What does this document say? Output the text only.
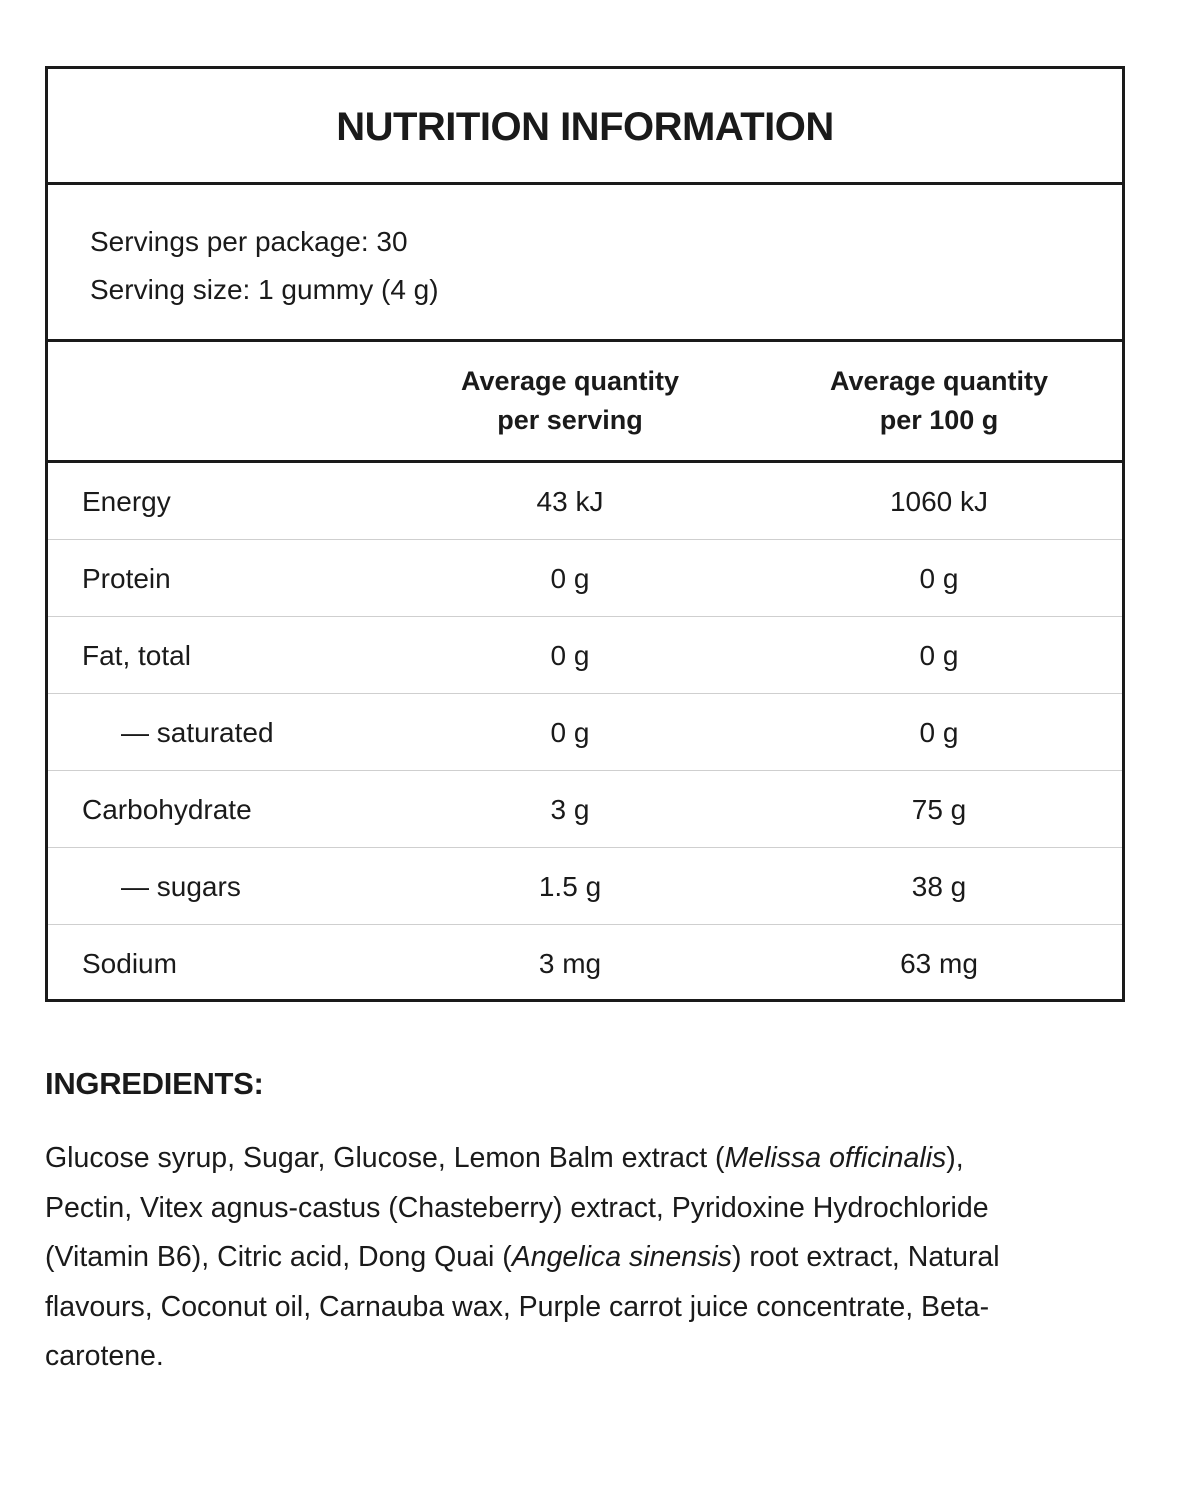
NUTRITION INFORMATION
Servings per package: 30
Serving size: 1 gummy (4 g)
Average quantity
per serving
Average quantity
per 100 g
Energy	43 kJ	1060 kJ
Protein	0 g	0 g
Fat, total	0 g	0 g
— saturated	0 g	0 g
Carbohydrate	3 g	75 g
— sugars	1.5 g	38 g
Sodium	3 mg	63 mg
INGREDIENTS:
Glucose syrup, Sugar, Glucose, Lemon Balm extract (Melissa officinalis),
Pectin, Vitex agnus-castus (Chasteberry) extract, Pyridoxine Hydrochloride
(Vitamin B6), Citric acid, Dong Quai (Angelica sinensis) root extract, Natural
flavours, Coconut oil, Carnauba wax, Purple carrot juice concentrate, Beta-
carotene.
